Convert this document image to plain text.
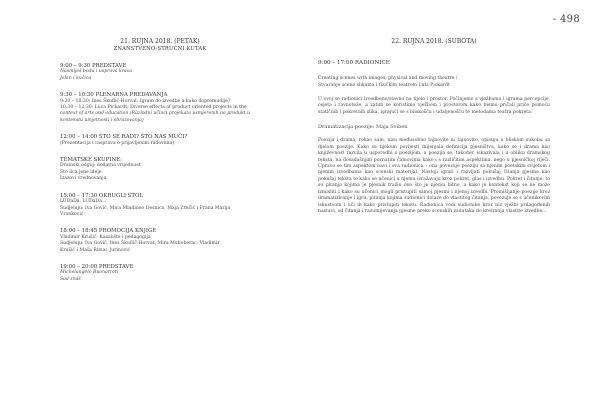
- 498
21. RUJNA 2018. (PETAK)
ZNANSTVENO-STRUČNI KUTAK

9:00 – 9:30 PREDSTAVE

Nasmiješ bodu i usprava krava

Jelen i kučica

9:30 – 10:30 PLENARNA PREDAVANJA

9:30 – 10:30: Ines Škuflić-Horvat: Igram do izvedbe a kako dopremudije?

10:30 – 12:30: Luca Pickardt: Diverse effects of product oriented projects in the

context of arts and education (Razlodni učinci projekata usmjerenih na produkt u

kontekstu umjetnosti i obrazovanja)

12:00 – 14:00 ŠTO SE RADI? ŠTO NAS MUČI?

(Prezentacija i rasprava o prijavljenim radovima)

TEMATSKE SKUPINE:

Dramski odgoj: dodatna vrijednost

Sto lica jene ideje

Izazovi vrednovanja

15:00 – 17:30 OKRUGLI STOL

LUDaDa, LUDaDa...

Sudjeluju: Iva Gović, Mica Mladineo Desnica, Maja Zrnčić i Frana Marija

Vranković

18:00 – 18:45 PROMOCIJA KNJIGE

Vladimir Krušić: Kazalište i pedagogija

Sudjeluju: Iva Gović, Ines Škuflić-Horvat, Mira Muhoberac, Vladimir

Krušić i Maša Rimac Jurinović

19:00 – 20:00 PREDSTAVE

Michelangelo Buonarroti

Sad znaš

22. RUJNA 2018. (SUBOTA)
9:00 – 17:00 RADIONICE
Creating scenes with images, physical and moving theatre /
Stvaranje scene slikama i fizičkim teatrom Lutz Pickardt
U ovoj se radionici izvedbeno/stavno na tijelo i prostor. Počinjemo s vježbama i igrama percepcije, osjeta i ravnoteže, a zatim se koristimo vježbom i prostorom kako bismo pričali priče pomoću statičnih i pokretnih slika, igrajući se s bliskošću i udaljenošću te metodama teatra pokreta.
Dramatizacija poezije: Maja Sviben
Poezija i drama, rekao sam, nisu međusobno tajnovite ni tajnovito, opisuju u bliskom sukobu sa djelom poezije. Kako se tijekom povijesti mijenjala definicija pjesništva, kako se i drama kao književnost razvila u usporedbi s poezijom, a poezija se, također, iskazivala i u obliku dramskog teksta, na dosadašnjim poznatim čamovima kako i s različitim aspektima, nego u pjesničkoj riječi. Upravo se tim aspektom bavi i ova radionica – ona povezuje poeziju sa njenim poetskim svijetom i njenim izvedbama kao scenski materijal. Nastoji igrati i razvijati pokušaj čitanja pjesme kao pokušaj teksta te kako se učenici u njemu izražavaju kroz pokret, glas i izvedbu. Pokret i čitanje, to su pitanja kojima je pjesnik tražio ono što je njemu bitno, a kako je kontekst koji se ne može izmisliti i kako su učenici mogli pristupiti samoj pjesmi i njenoj izvedbi. Promišljanje poezije kroz dramatiziranje i igru, pitanja kojima sudionici dolaze do vlastitog čitanja, povezuje se s učenikovim iskustvom i uči ih kako pristupiti tekstu. Radionica vodi sudionike kroz niz vježbi prilagođenih nastavi, od čitanja i razumijevanja pjesme preko scenskih zadataka do kreiranja vlastite izvedbe…
